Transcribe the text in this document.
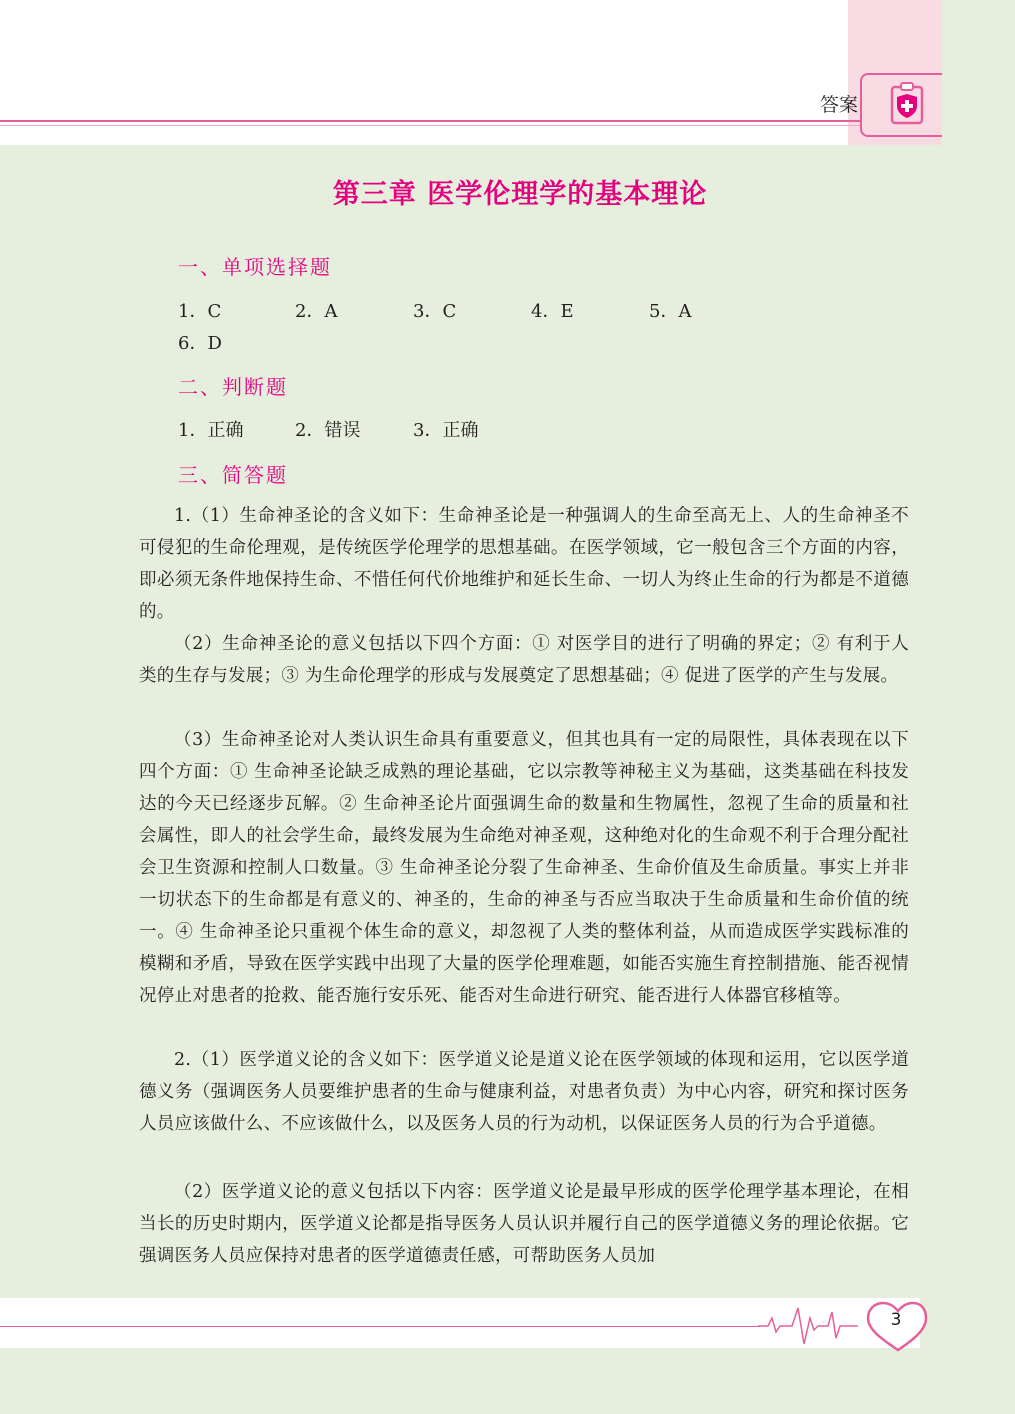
答案
第三章 医学伦理学的基本理论
一、单项选择题
1．C	2．A	3．C	4．E	5．A
6．D
二、判断题
1．正确	2．错误	3．正确
三、简答题
1.（1）生命神圣论的含义如下：生命神圣论是一种强调人的生命至高无上、人的生命神圣不可侵犯的生命伦理观，是传统医学伦理学的思想基础。在医学领域，它一般包含三个方面的内容，即必须无条件地保持生命、不惜任何代价地维护和延长生命、一切人为终止生命的行为都是不道德的。
（2）生命神圣论的意义包括以下四个方面：① 对医学目的进行了明确的界定；② 有利于人类的生存与发展；③ 为生命伦理学的形成与发展奠定了思想基础；④ 促进了医学的产生与发展。
（3）生命神圣论对人类认识生命具有重要意义，但其也具有一定的局限性，具体表现在以下四个方面：① 生命神圣论缺乏成熟的理论基础，它以宗教等神秘主义为基础，这类基础在科技发达的今天已经逐步瓦解。② 生命神圣论片面强调生命的数量和生物属性，忽视了生命的质量和社会属性，即人的社会学生命，最终发展为生命绝对神圣观，这种绝对化的生命观不利于合理分配社会卫生资源和控制人口数量。③ 生命神圣论分裂了生命神圣、生命价值及生命质量。事实上并非一切状态下的生命都是有意义的、神圣的，生命的神圣与否应当取决于生命质量和生命价值的统一。④ 生命神圣论只重视个体生命的意义，却忽视了人类的整体利益，从而造成医学实践标准的模糊和矛盾，导致在医学实践中出现了大量的医学伦理难题，如能否实施生育控制措施、能否视情况停止对患者的抢救、能否施行安乐死、能否对生命进行研究、能否进行人体器官移植等。
2.（1）医学道义论的含义如下：医学道义论是道义论在医学领域的体现和运用，它以医学道德义务（强调医务人员要维护患者的生命与健康利益，对患者负责）为中心内容，研究和探讨医务人员应该做什么、不应该做什么，以及医务人员的行为动机，以保证医务人员的行为合乎道德。
（2）医学道义论的意义包括以下内容：医学道义论是最早形成的医学伦理学基本理论，在相当长的历史时期内，医学道义论都是指导医务人员认识并履行自己的医学道德义务的理论依据。它强调医务人员应保持对患者的医学道德责任感，可帮助医务人员加
3
